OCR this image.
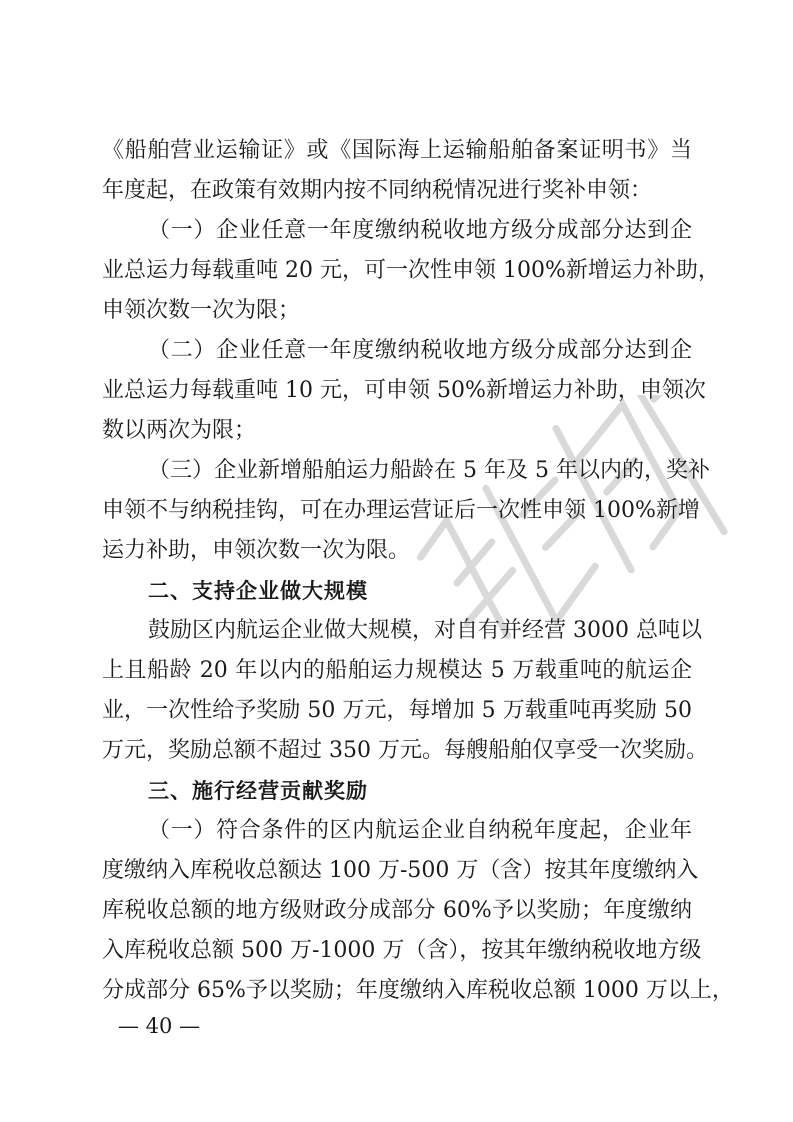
《船舶营业运输证》或《国际海上运输船舶备案证明书》当
年度起，在政策有效期内按不同纳税情况进行奖补申领：
（一）企业任意一年度缴纳税收地方级分成部分达到企
业总运力每载重吨 20 元，可一次性申领 100%新增运力补助，
申领次数一次为限；
（二）企业任意一年度缴纳税收地方级分成部分达到企
业总运力每载重吨 10 元，可申领 50%新增运力补助，申领次
数以两次为限；
（三）企业新增船舶运力船龄在 5 年及 5 年以内的，奖补
申领不与纳税挂钩，可在办理运营证后一次性申领 100%新增
运力补助，申领次数一次为限。
二、支持企业做大规模
鼓励区内航运企业做大规模，对自有并经营 3000 总吨以
上且船龄 20 年以内的船舶运力规模达 5 万载重吨的航运企
业，一次性给予奖励 50 万元，每增加 5 万载重吨再奖励 50
万元，奖励总额不超过 350 万元。每艘船舶仅享受一次奖励。
三、施行经营贡献奖励
（一）符合条件的区内航运企业自纳税年度起，企业年
度缴纳入库税收总额达 100 万-500 万（含）按其年度缴纳入
库税收总额的地方级财政分成部分 60%予以奖励；年度缴纳
入库税收总额 500 万-1000 万（含），按其年缴纳税收地方级
分成部分 65%予以奖励；年度缴纳入库税收总额 1000 万以上，
— 40 —
